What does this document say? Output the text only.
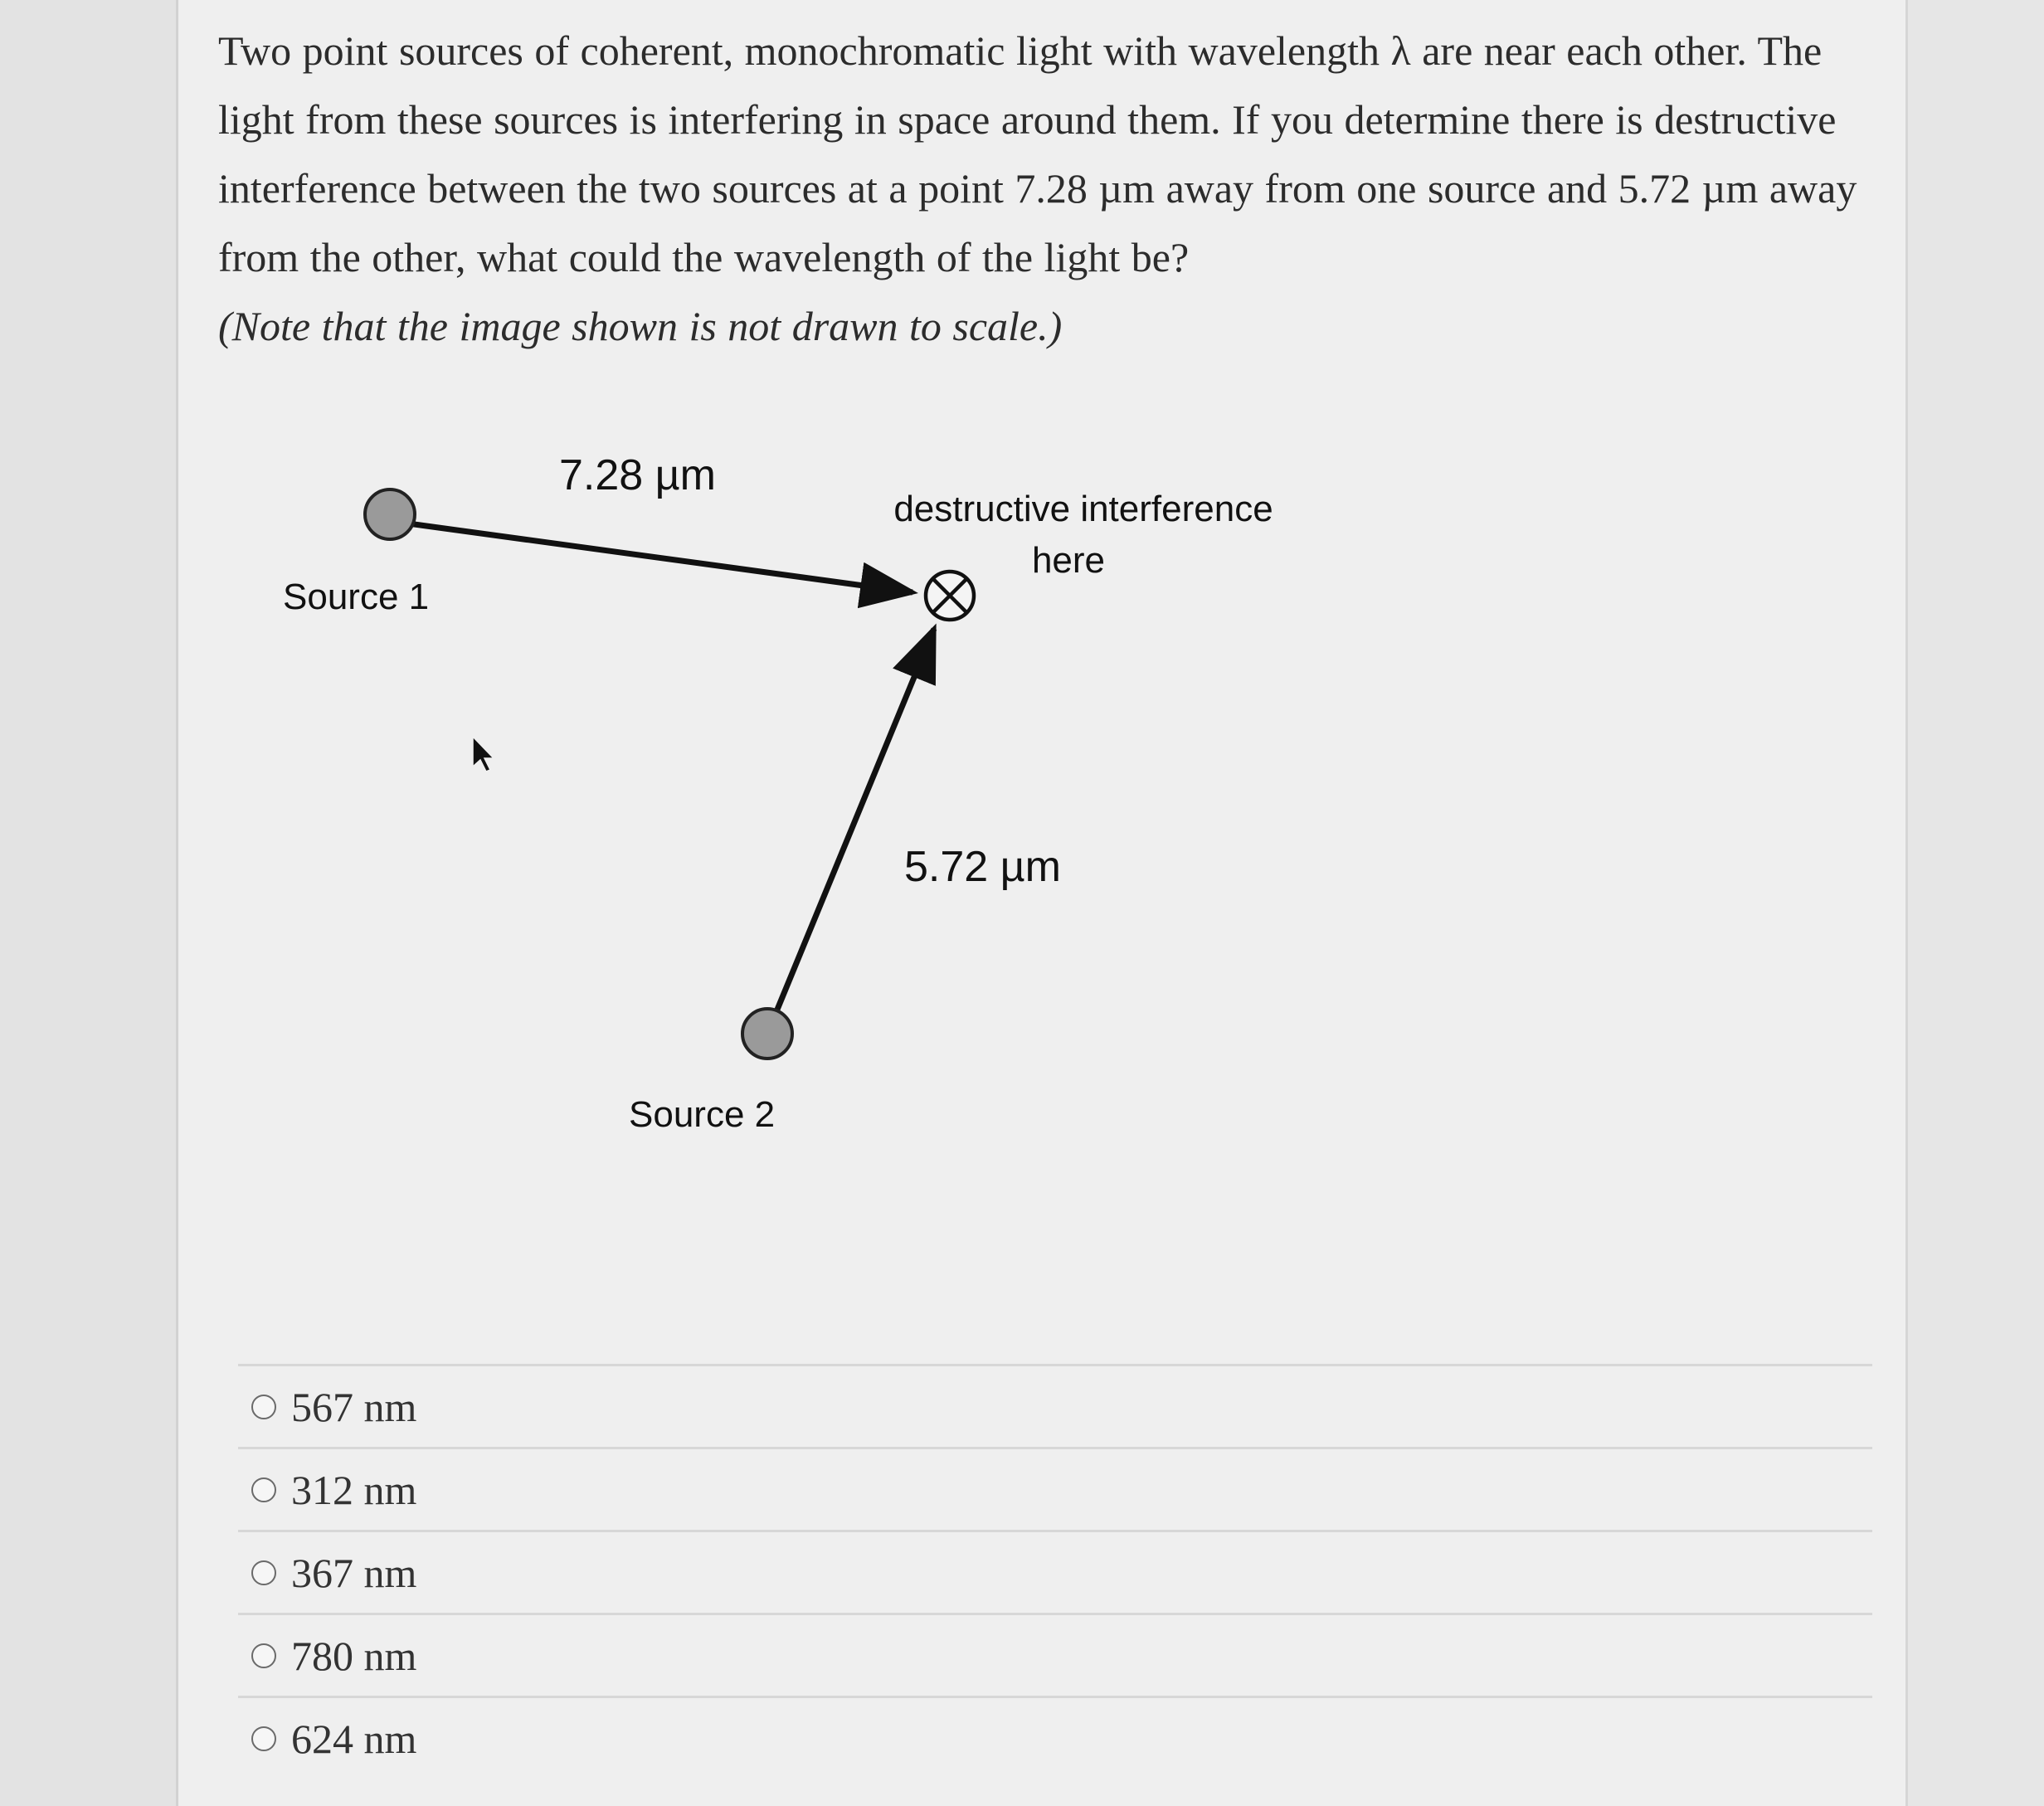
Two point sources of coherent, monochromatic light with wavelength λ are near each other. The light from these sources is interfering in space around them. If you determine there is destructive interference between the two sources at a point 7.28 µm away from one source and 5.72 µm away from the other, what could the wavelength of the light be?
(Note that the image shown is not drawn to scale.)

567 nm
312 nm
367 nm
780 nm
624 nm
7.28 µm
5.72 µm
Source 1
Source 2
destructive interference
here
